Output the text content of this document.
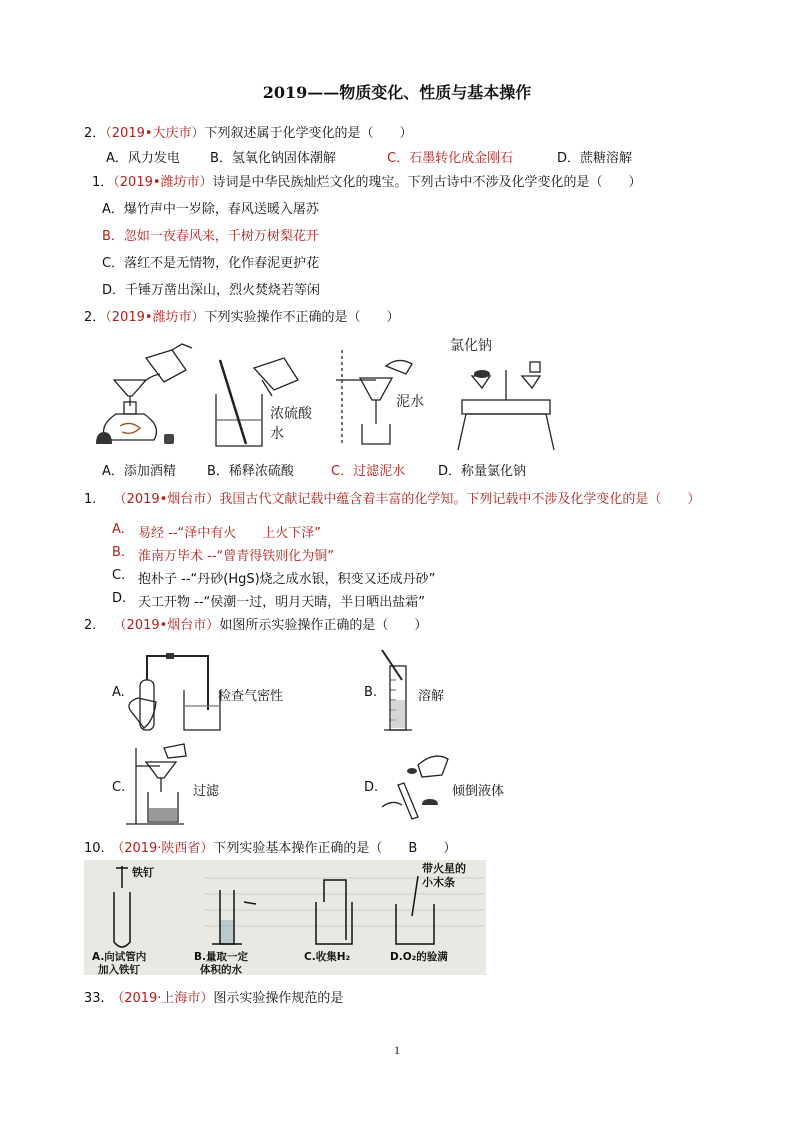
2019——物质变化、性质与基本操作
2．（2019•大庆市）下列叙述属于化学变化的是（　　）
A．风力发电 B．氢氧化钠固体潮解	C．石墨转化成金刚石	D．蔗糖溶解
1．（2019•潍坊市）诗词是中华民族灿烂文化的瑰宝。下列古诗中不涉及化学变化的是（　　）
A．爆竹声中一岁除，春风送暖入屠苏
B．忽如一夜春风来，千树万树梨花开
C．落红不是无情物，化作春泥更护花
D．千锤万凿出深山，烈火焚烧若等闲
2．（2019•潍坊市）下列实验操作不正确的是（　　）
浓硫酸
水
泥水
氯化钠
A．添加酒精 B．稀释浓硫酸	C．过滤泥水	D．称量氯化钠
1.　 （2019•烟台市）我国古代文献记载中蕴含着丰富的化学知。下列记载中不涉及化学变化的是（　　）
A. 易经 --“泽中有火　　上火下泽”
B. 淮南万毕术 --“曾青得铁则化为铜”
C. 抱朴子 --“丹砂(HgS)烧之成水银，积变又还成丹砂”
D. 天工开物 --“侯潮一过，明月天睛，半日晒出盐霜”
2.　 （2019•烟台市）如图所示实验操作正确的是（　　）
A.	检查气密性	B.	溶解
C.	过滤	D.	倾倒液体
10.　 （2019·陕西省）下列实验基本操作正确的是（　　B　　）
铁钉	带火星的
小木条
A.向试管内
加入铁钉
B.量取一定
体积的水
C.收集H₂	D.O₂的验满
33.　 （2019·上海市）图示实验操作规范的是
1
